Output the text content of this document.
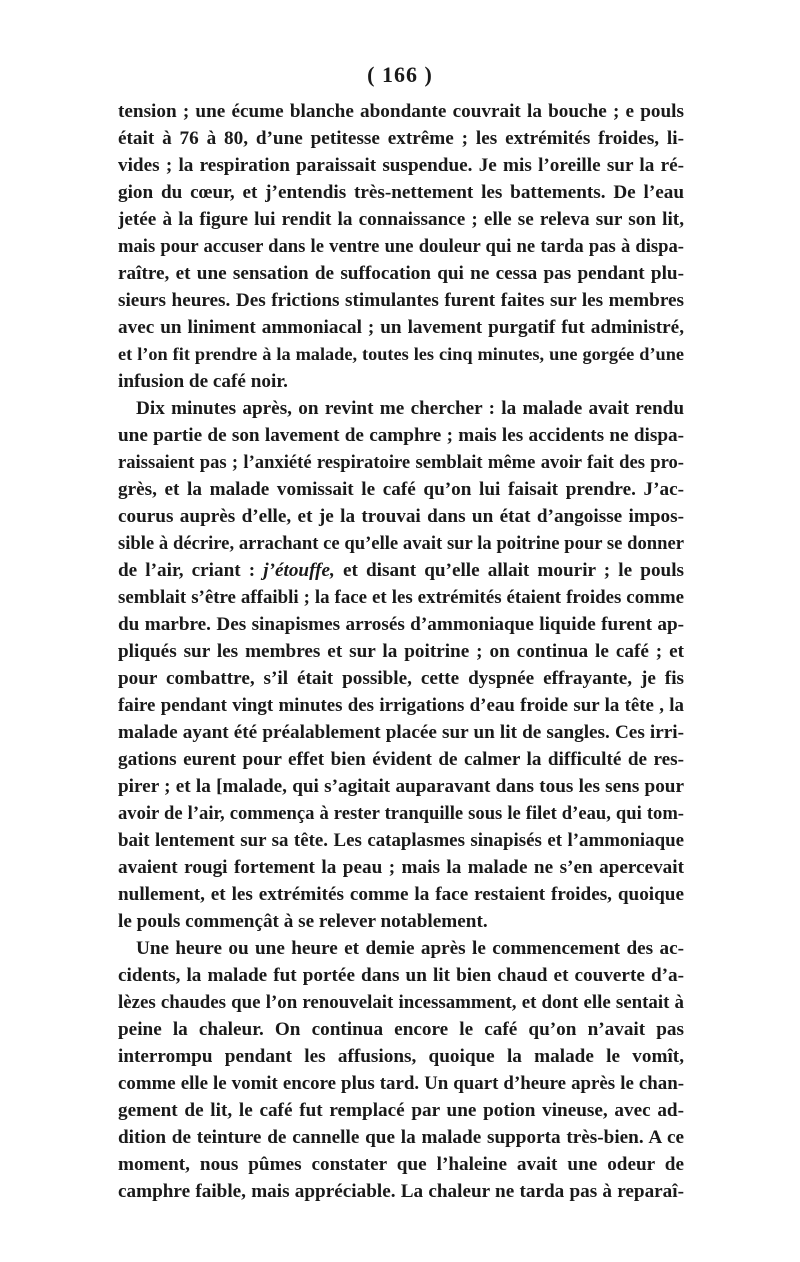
( 166 )
tension ; une écume blanche abondante couvrait la bouche ; e pouls
était à 76 à 80, d’une petitesse extrême ; les extrémités froides, li-
vides ; la respiration paraissait suspendue. Je mis l’oreille sur la ré-
gion du cœur, et j’entendis très-nettement les battements. De l’eau
jetée à la figure lui rendit la connaissance ; elle se releva sur son lit,
mais pour accuser dans le ventre une douleur qui ne tarda pas à dispa-
raître, et une sensation de suffocation qui ne cessa pas pendant plu-
sieurs heures. Des frictions stimulantes furent faites sur les membres
avec un liniment ammoniacal ; un lavement purgatif fut administré,
et l’on fit prendre à la malade, toutes les cinq minutes, une gorgée d’une
infusion de café noir.
Dix minutes après, on revint me chercher : la malade avait rendu
une partie de son lavement de camphre ; mais les accidents ne dispa-
raissaient pas ; l’anxiété respiratoire semblait même avoir fait des pro-
grès, et la malade vomissait le café qu’on lui faisait prendre. J’ac-
courus auprès d’elle, et je la trouvai dans un état d’angoisse impos-
sible à décrire, arrachant ce qu’elle avait sur la poitrine pour se donner
de l’air, criant : j’étouffe, et disant qu’elle allait mourir ; le pouls
semblait s’être affaibli ; la face et les extrémités étaient froides comme
du marbre. Des sinapismes arrosés d’ammoniaque liquide furent ap-
pliqués sur les membres et sur la poitrine ; on continua le café ; et
pour combattre, s’il était possible, cette dyspnée effrayante, je fis
faire pendant vingt minutes des irrigations d’eau froide sur la tête , la
malade ayant été préalablement placée sur un lit de sangles. Ces irri-
gations eurent pour effet bien évident de calmer la difficulté de res-
pirer ; et la [malade, qui s’agitait auparavant dans tous les sens pour
avoir de l’air, commença à rester tranquille sous le filet d’eau, qui tom-
bait lentement sur sa tête. Les cataplasmes sinapisés et l’ammoniaque
avaient rougi fortement la peau ; mais la malade ne s’en apercevait
nullement, et les extrémités comme la face restaient froides, quoique
le pouls commençât à se relever notablement.
Une heure ou une heure et demie après le commencement des ac-
cidents, la malade fut portée dans un lit bien chaud et couverte d’a-
lèzes chaudes que l’on renouvelait incessamment, et dont elle sentait à
peine la chaleur. On continua encore le café qu’on n’avait pas
interrompu pendant les affusions, quoique la malade le vomît,
comme elle le vomit encore plus tard. Un quart d’heure après le chan-
gement de lit, le café fut remplacé par une potion vineuse, avec ad-
dition de teinture de cannelle que la malade supporta très-bien. A ce
moment, nous pûmes constater que l’haleine avait une odeur de
camphre faible, mais appréciable. La chaleur ne tarda pas à reparaî-
